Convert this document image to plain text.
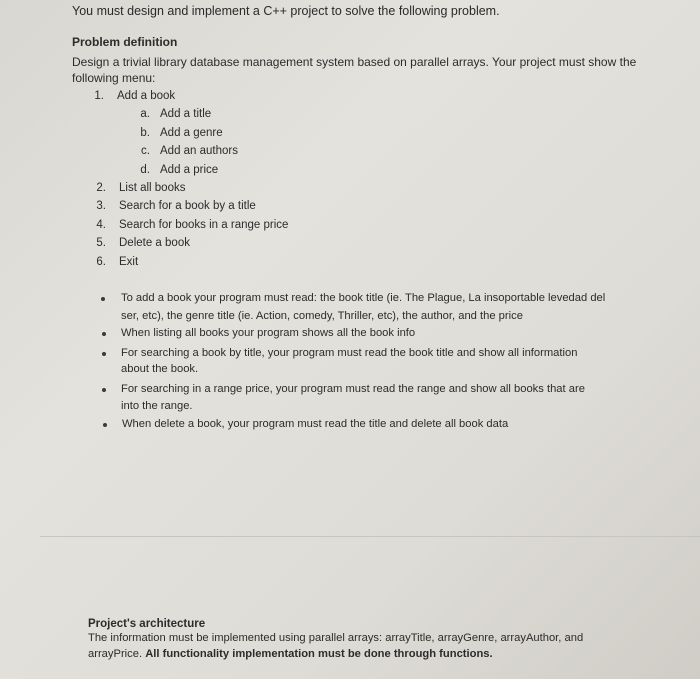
You must design and implement a C++ project to solve the following problem.
Problem definition
Design a trivial library database management system based on parallel arrays. Your project must show the
following menu:
1. Add a book
a. Add a title
b. Add a genre
c. Add an authors
d. Add a price
2. List all books
3. Search for a book by a title
4. Search for books in a range price
5. Delete a book
6. Exit
To add a book your program must read: the book title (ie. The Plague, La insoportable levedad del
ser, etc), the genre title (ie. Action, comedy, Thriller, etc), the author, and the price
When listing all books your program shows all the book info
For searching a book by title, your program must read the book title and show all information
about the book.
For searching in a range price, your program must read the range and show all books that are
into the range.
When delete a book, your program must read the title and delete all book data
Project's architecture
The information must be implemented using parallel arrays: arrayTitle, arrayGenre, arrayAuthor, and
arrayPrice. All functionality implementation must be done through functions.
